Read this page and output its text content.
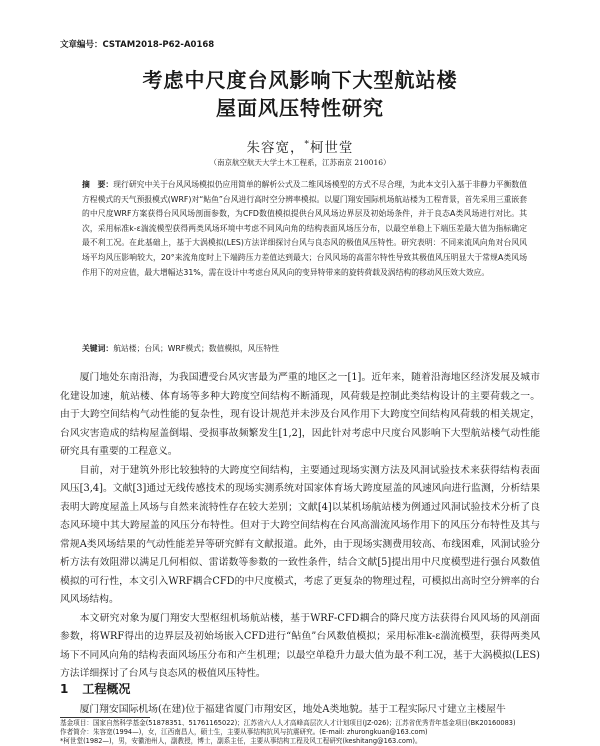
文章编号：CSTAM2018-P62-A0168
考虑中尺度台风影响下大型航站楼
屋面风压特性研究
朱容宽，*柯世堂
（南京航空航天大学土木工程系，江苏南京 210016）
摘　要：现行研究中关于台风风场模拟仍应用简单的解析公式及二维风场模型的方式不尽合理，为此本文引入基于非静力平衡数值方程模式的天气预报模式(WRF)对“鲇鱼”台风进行高时空分辨率模拟。以厦门翔安国际机场航站楼为工程背景，首先采用三重嵌套的中尺度WRF方案获得台风风场剖面参数，为CFD数值模拟提供台风风场边界层及初始场条件，并于良态A类风场进行对比。其次，采用标准k-ε湍流模型获得两类风场环境中考虑不同风向角的结构表面风场压分布，以最空单稳上下端压差最大值为指标确定最不利工况。在此基础上，基于大涡模拟(LES)方法详细探讨台风与良态风的极值风压特性。研究表明：不同来流风向角对台风风场平均风压影响较大，20°来流角度时上下端跨压力差值达到最大；台风风场的高雷尔特性导致其极值风压明显大于常规A类风场作用下的对应值，最大增幅达31%，需在设计中考虑台风风向的变异特带来的旋转荷载及涡结构的移动风压效大效应。
关键词：航站楼；台风；WRF模式；数值模拟，风压特性

厦门地处东南沿海，为我国遭受台风灾害最为严重的地区之一[1]。近年来，随着沿海地区经济发展及城市化建设加速，航站楼、体育场等多种大跨度空间结构不断涌现，风荷载是控制此类结构设计的主要荷载之一。由于大跨空间结构气动性能的复杂性，现有设计规范并未涉及台风作用下大跨度空间结构风荷载的相关规定，台风灾害造成的结构屋盖倒塌、受损事故频繁发生[1,2]，因此针对考虑中尺度台风影响下大型航站楼气动性能研究具有重要的工程意义。

目前，对于建筑外形比较独特的大跨度空间结构，主要通过现场实测方法及风洞试验技术来获得结构表面风压[3,4]。文献[3]通过无线传感技术的现场实测系统对国家体育场大跨度屋盖的风速风向进行监测，分析结果表明大跨度屋盖上风场与自然来流特性存在较大差别；文献[4]以某机场航站楼为例通过风洞试验技术分析了良态风环境中其大跨屋盖的风压分布特性。但对于大跨空间结构在台风高湍流风场作用下的风压分布特性及其与常规A类风场结果的气动性能差异等研究鲜有文献报道。此外，由于现场实测费用较高、布线困难，风洞试验分析方法有效阻滞以满足几何相似、雷诺数等参数的一致性条件，结合文献[5]提出用中尺度模型进行强台风数值模拟的可行性，本文引入WRF耦合CFD的中尺度模式，考虑了更复杂的物理过程，可模拟出高时空分辨率的台风风场结构。

本文研究对象为厦门翔安大型枢纽机场航站楼，基于WRF-CFD耦合的降尺度方法获得台风风场的风剖面参数，将WRF得出的边界层及初始场嵌入CFD进行“鲇鱼”台风数值模拟；采用标准k-ε湍流模型，获得两类风场下不同风向角的结构表面风场压分布和产生机理；以最空单稳升力最大值为最不利工况，基于大涡模拟(LES)方法详细探讨了台风与良态风的极值风压特性。

1 工程概况
厦门翔安国际机场(在建)位于福建省厦门市翔安区，地处A类地貌。基于工程实际尺寸建立主楼屋牛
基金项目：国家自然科学基金(51878351、51761165022)；江苏省六人人才高峰高层次人才计划项目(JZ-026)；江苏省优秀青年基金项目(BK20160083)
作者简介：朱容宽(1994—)，女，江西南昌人，硕士生，主要从事结构抗风与抗震研究。(E-mail: zhurongkuan@163.com)
*柯世堂(1982—)，男，安徽池州人，副教授，博士，副系主任，主要从事结构工程及风工程研究(keshitang@163.com)。
